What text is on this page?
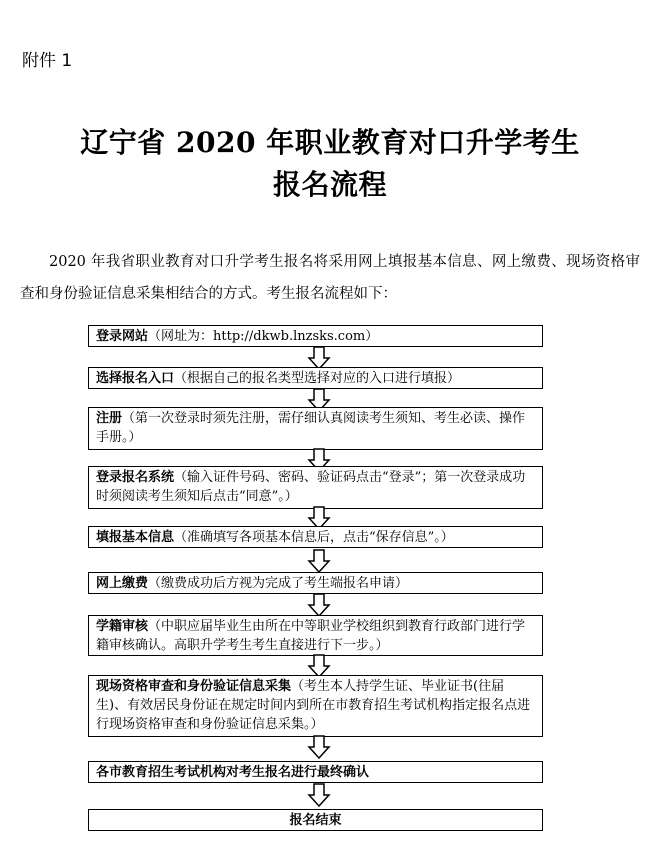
附件 1
辽宁省 2020 年职业教育对口升学考生
报名流程
2020 年我省职业教育对口升学考生报名将采用网上填报基本信息、网上缴费、现场资格审查和身份验证信息采集相结合的方式。考生报名流程如下：
登录网站（网址为：http://dkwb.lnzsks.com）
选择报名入口（根据自己的报名类型选择对应的入口进行填报）
注册（第一次登录时须先注册，需仔细认真阅读考生须知、考生必读、操作手册。）
登录报名系统（输入证件号码、密码、验证码点击“登录”；第一次登录成功时须阅读考生须知后点击“同意”。）
填报基本信息（准确填写各项基本信息后，点击“保存信息”。）
网上缴费（缴费成功后方视为完成了考生端报名申请）
学籍审核（中职应届毕业生由所在中等职业学校组织到教育行政部门进行学籍审核确认。高职升学考生考生直接进行下一步。）
现场资格审查和身份验证信息采集（考生本人持学生证、毕业证书(往届生)、有效居民身份证在规定时间内到所在市教育招生考试机构指定报名点进行现场资格审查和身份验证信息采集。）
各市教育招生考试机构对考生报名进行最终确认
报名结束
